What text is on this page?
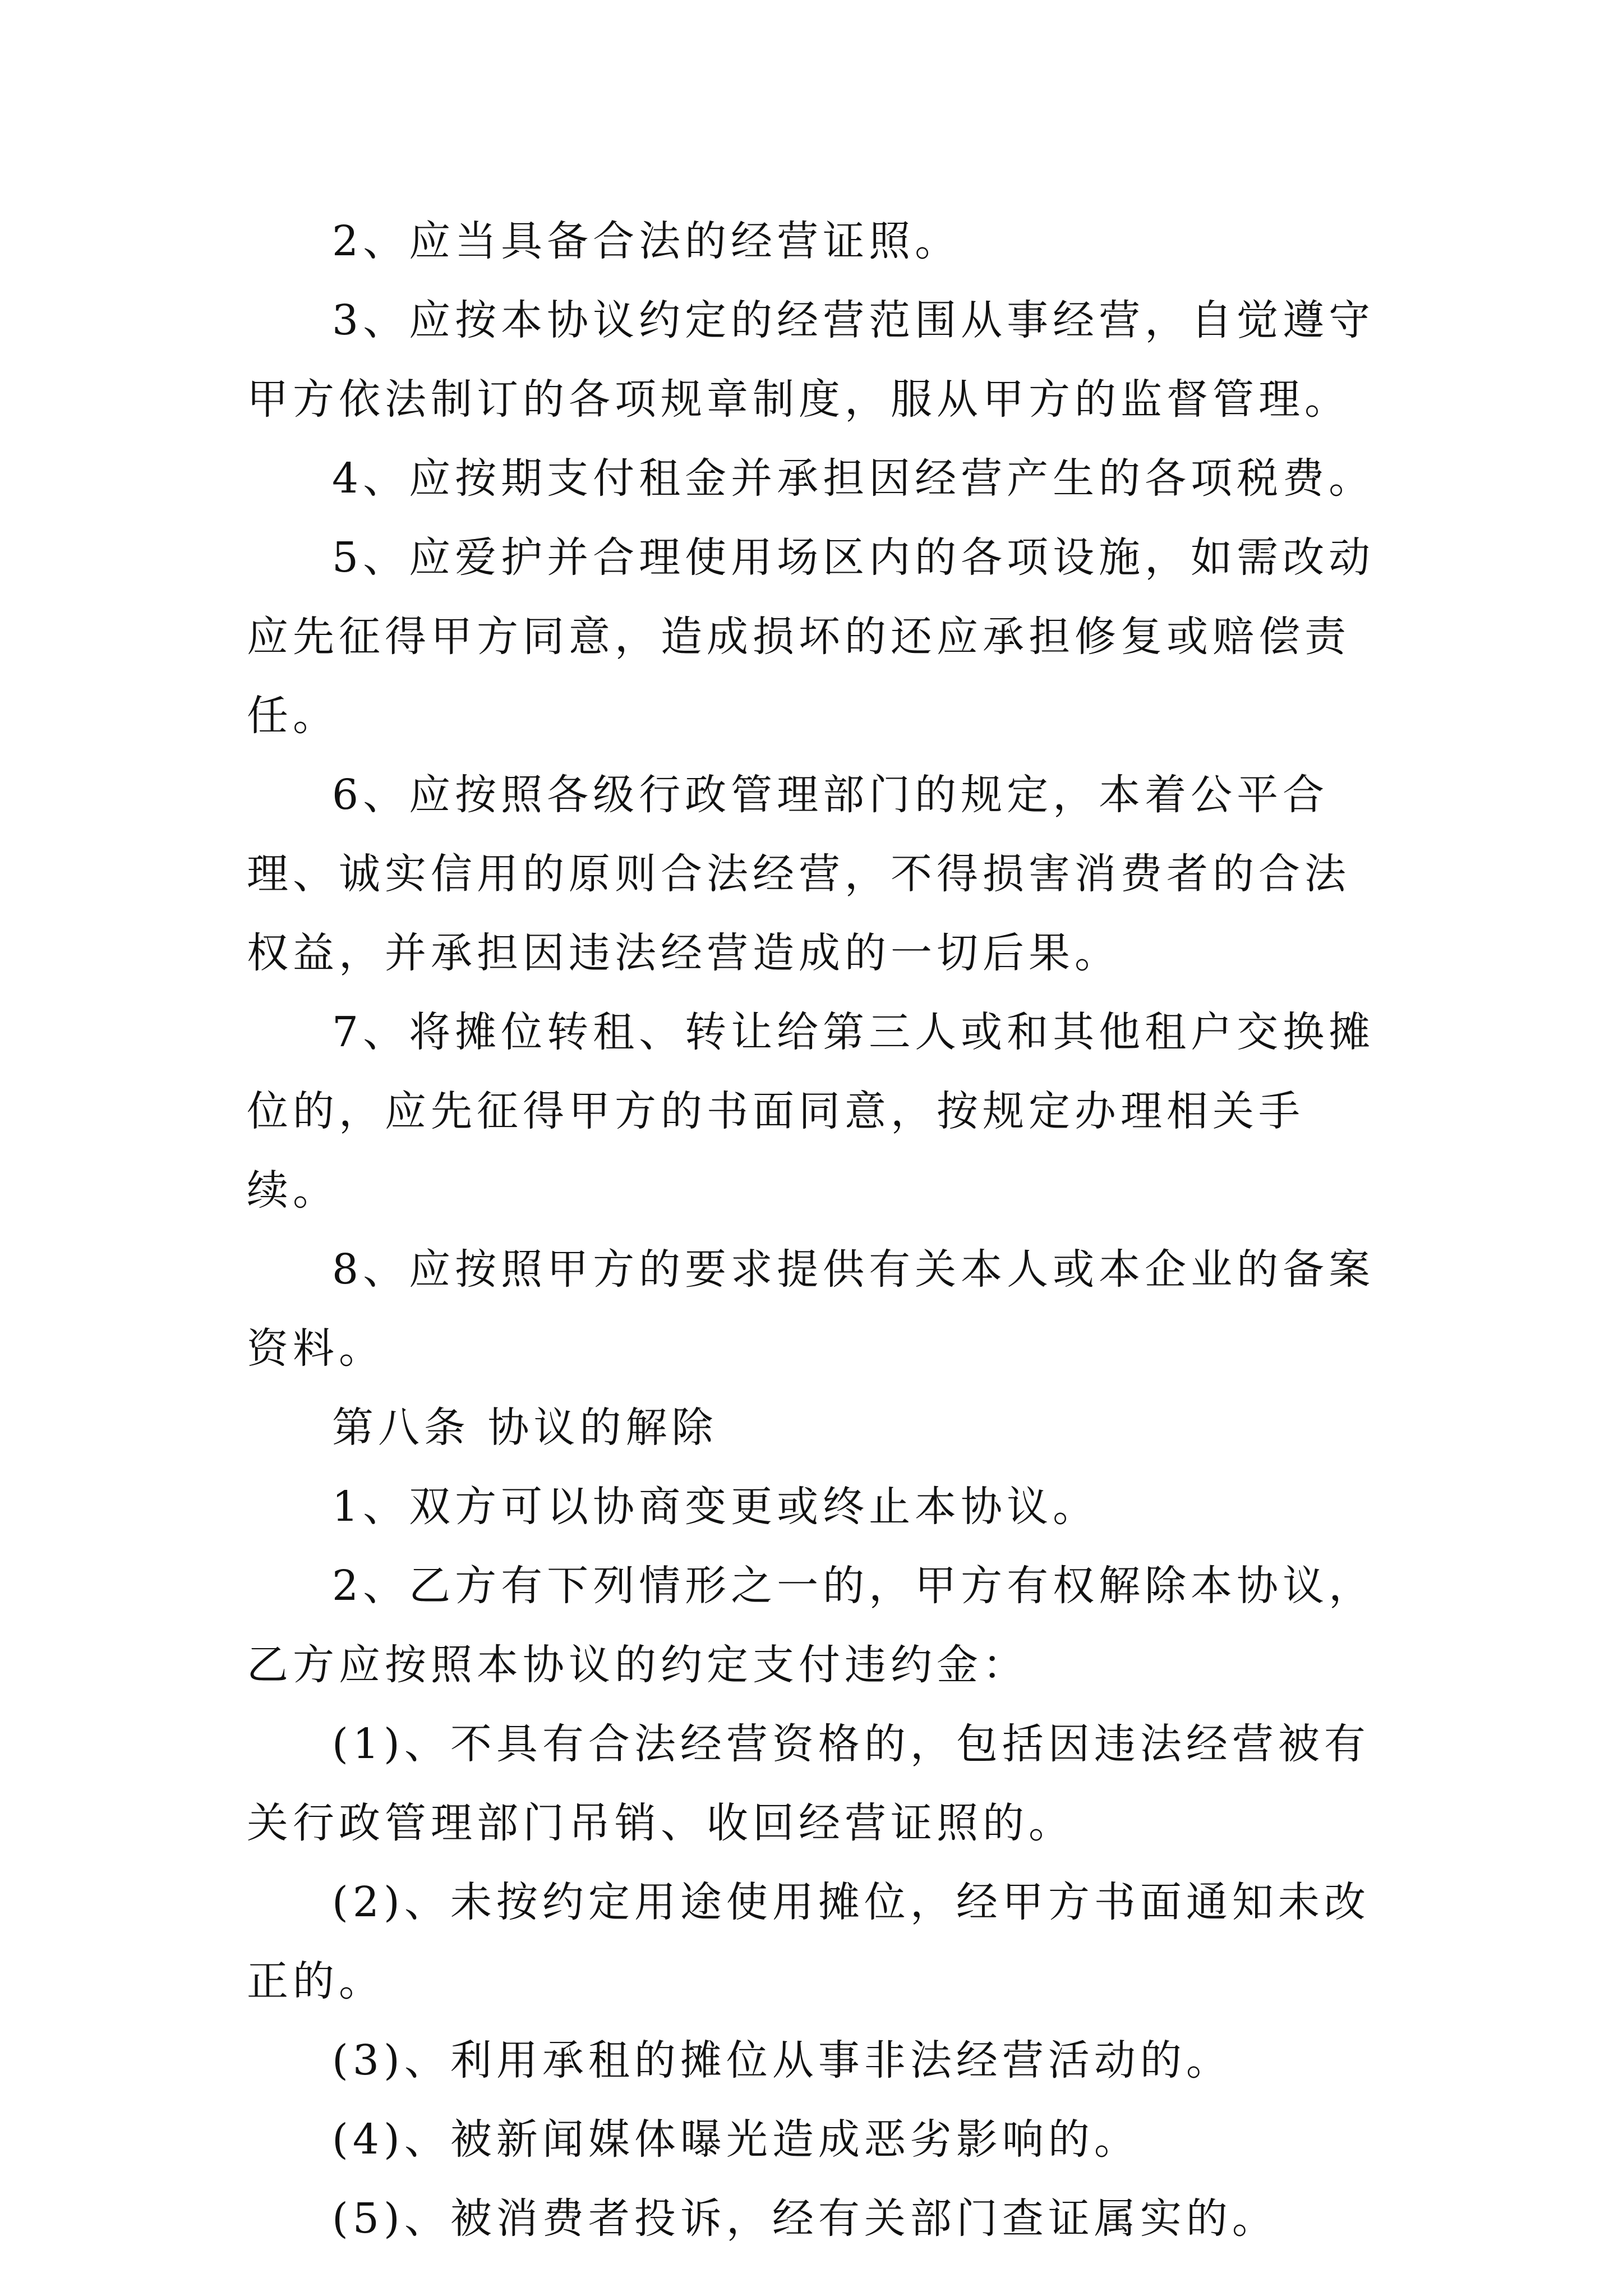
2、应当具备合法的经营证照。

3、应按本协议约定的经营范围从事经营，自觉遵守甲方依法制订的各项规章制度，服从甲方的监督管理。

4、应按期支付租金并承担因经营产生的各项税费。

5、应爱护并合理使用场区内的各项设施，如需改动应先征得甲方同意，造成损坏的还应承担修复或赔偿责任。

6、应按照各级行政管理部门的规定，本着公平合理、诚实信用的原则合法经营，不得损害消费者的合法权益，并承担因违法经营造成的一切后果。

7、将摊位转租、转让给第三人或和其他租户交换摊位的，应先征得甲方的书面同意，按规定办理相关手续。

8、应按照甲方的要求提供有关本人或本企业的备案资料。

第八条 协议的解除

1、双方可以协商变更或终止本协议。

2、乙方有下列情形之一的，甲方有权解除本协议，乙方应按照本协议的约定支付违约金：

(1)、不具有合法经营资格的，包括因违法经营被有关行政管理部门吊销、收回经营证照的。

(2)、未按约定用途使用摊位，经甲方书面通知未改正的。

(3)、利用承租的摊位从事非法经营活动的。

(4)、被新闻媒体曝光造成恶劣影响的。

(5)、被消费者投诉，经有关部门查证属实的。
